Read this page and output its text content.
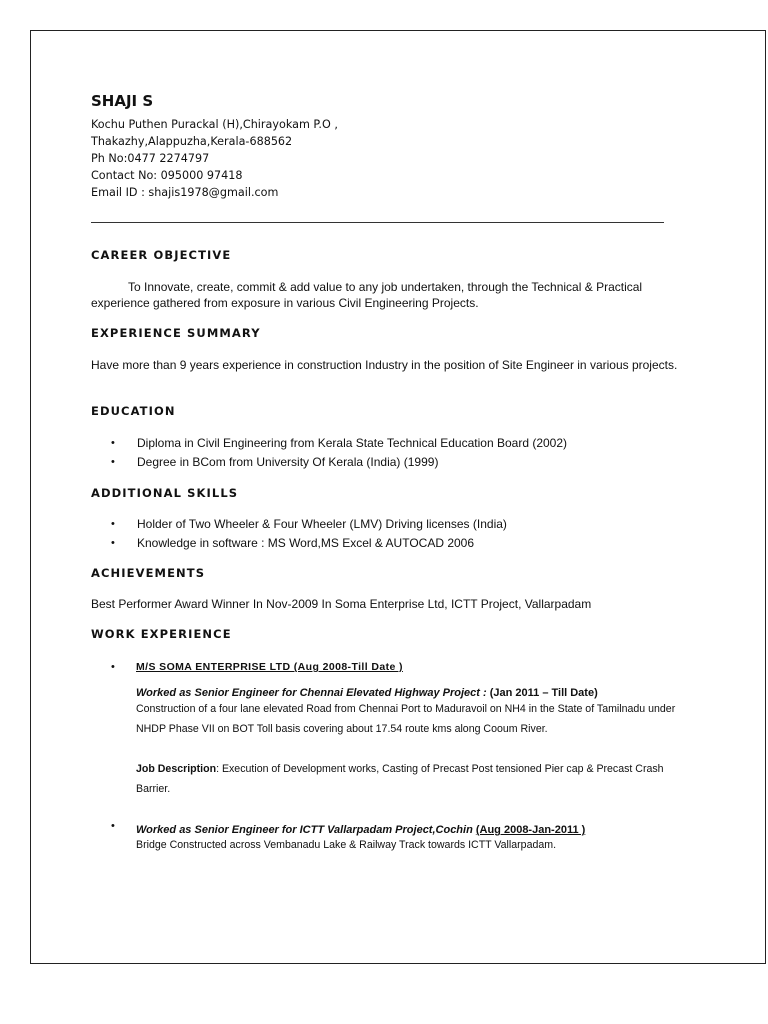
SHAJI S
Kochu Puthen Purackal (H),Chirayokam P.O ,
Thakazhy,Alappuzha,Kerala-688562
Ph No:0477 2274797
Contact No: 095000 97418
Email ID : shajis1978@gmail.com
CAREER OBJECTIVE

To Innovate, create, commit & add value to any job undertaken, through the Technical & Practical experience gathered from exposure in various Civil Engineering Projects.

EXPERIENCE SUMMARY

Have more than 9 years experience in construction Industry in the position of Site Engineer in various projects.

EDUCATION
• Diploma in Civil Engineering from Kerala State Technical Education Board (2002)
• Degree in BCom from University Of Kerala (India) (1999)
ADDITIONAL SKILLS
• Holder of Two Wheeler & Four Wheeler (LMV) Driving licenses (India)
• Knowledge in software : MS Word,MS Excel & AUTOCAD 2006
ACHIEVEMENTS

Best Performer Award Winner In Nov-2009 In Soma Enterprise Ltd, ICTT Project, Vallarpadam

WORK EXPERIENCE
• M/S SOMA ENTERPRISE LTD (Aug 2008-Till Date )
Worked as Senior Engineer for Chennai Elevated Highway Project : (Jan 2011 – Till Date)
Construction of a four lane elevated Road from Chennai Port to Maduravoil on NH4 in the State of Tamilnadu under NHDP Phase VII on BOT Toll basis covering about 17.54 route kms along Cooum River.
Job Description: Execution of Development works, Casting of Precast Post tensioned Pier cap & Precast Crash Barrier.
• Worked as Senior Engineer for ICTT Vallarpadam Project,Cochin (Aug 2008-Jan-2011 )
Bridge Constructed across Vembanadu Lake & Railway Track towards ICTT Vallarpadam.
